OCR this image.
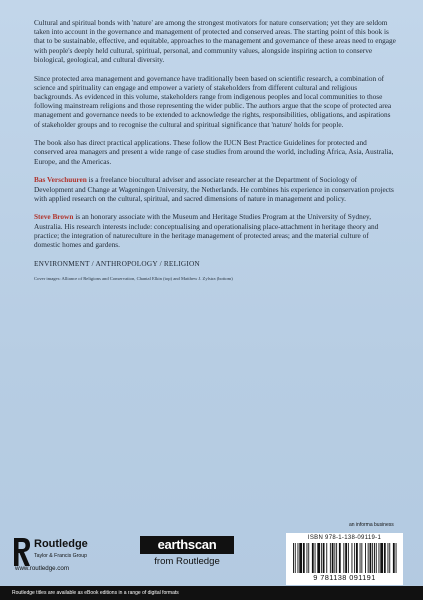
Cultural and spiritual bonds with 'nature' are among the strongest motivators for nature conservation; yet they are seldom taken into account in the governance and management of protected and conserved areas. The starting point of this book is that to be sustainable, effective, and equitable, approaches to the management and governance of these areas need to engage with people's deeply held cultural, spiritual, personal, and community values, alongside inspiring action to conserve biological, geological, and cultural diversity.

Since protected area management and governance have traditionally been based on scientific research, a combination of science and spirituality can engage and empower a variety of stakeholders from different cultural and religious backgrounds. As evidenced in this volume, stakeholders range from indigenous peoples and local communities to those following mainstream religions and those representing the wider public. The authors argue that the scope of protected area management and governance needs to be extended to acknowledge the rights, responsibilities, obligations, and aspirations of stakeholder groups and to recognise the cultural and spiritual significance that 'nature' holds for people.

The book also has direct practical applications. These follow the IUCN Best Practice Guidelines for protected and conserved area managers and present a wide range of case studies from around the world, including Africa, Asia, Australia, Europe, and the Americas.

Bas Verschuuren is a freelance biocultural adviser and associate researcher at the Department of Sociology of Development and Change at Wageningen University, the Netherlands. He combines his experience in conservation projects with applied research on the cultural, spiritual, and sacred dimensions of nature in management and policy.

Steve Brown is an honorary associate with the Museum and Heritage Studies Program at the University of Sydney, Australia. His research interests include: conceptualising and operationalising place-attachment in heritage theory and practice; the integration of natureculture in the heritage management of protected areas; and the material culture of domestic homes and gardens.

ENVIRONMENT / ANTHROPOLOGY / RELIGION
Cover images: Alliance of Religions and Conservation, Chantal Elkin (top) and Matthew J. Zylstra (bottom)
Routledge
Taylor & Francis Group
www.routledge.com
earthscan
from Routledge
an informa business
ISBN 978-1-138-09119-1
9 781138 091191
Routledge titles are available as eBook editions in a range of digital formats
